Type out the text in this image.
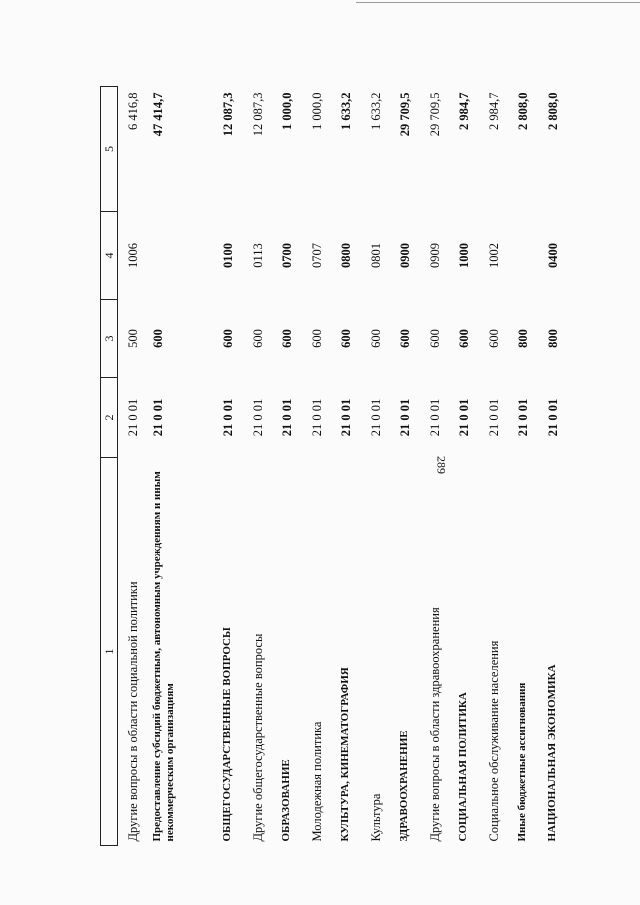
289
1	2	3	4	5
Другие вопросы в области социальной политики	21 0 01	500	1006	6 416,8
Предоставление субсидий бюджетным, автономным учреждениям и иным некоммерческим организациям	21 0 01	600		47 414,7
ОБЩЕГОСУДАРСТВЕННЫЕ ВОПРОСЫ	21 0 01	600	0100	12 087,3
Другие общегосударственные вопросы	21 0 01	600	0113	12 087,3
ОБРАЗОВАНИЕ	21 0 01	600	0700	1 000,0
Молодежная политика	21 0 01	600	0707	1 000,0
КУЛЬТУРА, КИНЕМАТОГРАФИЯ	21 0 01	600	0800	1 633,2
Культура	21 0 01	600	0801	1 633,2
ЗДРАВООХРАНЕНИЕ	21 0 01	600	0900	29 709,5
Другие вопросы в области здравоохранения	21 0 01	600	0909	29 709,5
СОЦИАЛЬНАЯ ПОЛИТИКА	21 0 01	600	1000	2 984,7
Социальное обслуживание населения	21 0 01	600	1002	2 984,7
Иные бюджетные ассигнования	21 0 01	800		2 808,0
НАЦИОНАЛЬНАЯ ЭКОНОМИКА	21 0 01	800	0400	2 808,0
